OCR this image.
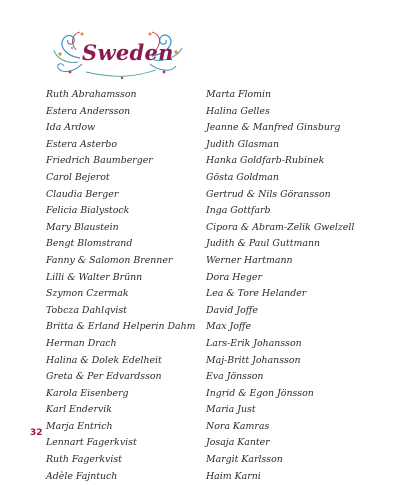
Sweden
Ruth Abrahamsson
Estera Andersson
Ida Ardow
Estera Asterbo
Friedrich Baumberger
Carol Bejerot
Claudia Berger
Felicia Bialystock
Mary Blaustein
Bengt Blomstrand
Fanny & Salomon Brenner
Lilli & Walter Brünn
Szymon Czermak
Tobcza Dahlqvist
Britta & Erland Helperin Dahm
Herman Drach
Halina & Dolek Edelheit
Greta & Per Edvardsson
Karola Eisenberg
Karl Endervik
Marja Entrich
Lennart Fagerkvist
Ruth Fagerkvist
Adèle Fajntuch
Marta Flomin
Halina Gelles
Jeanne & Manfred Ginsburg
Judith Glasman
Hanka Goldfarb-Rubinek
Gösta Goldman
Gertrud & Nils Göransson
Inga Gottfarb
Cipora & Abram-Zelik Gwelzell
Judith & Paul Guttmann
Werner Hartmann
Dora Heger
Lea & Tore Helander
David Joffe
Max Joffe
Lars-Erik Johansson
Maj-Britt Johansson
Eva Jönsson
Ingrid & Egon Jönsson
Maria Just
Nora Kamras
Josaja Kanter
Margit Karlsson
Haim Karni
32
